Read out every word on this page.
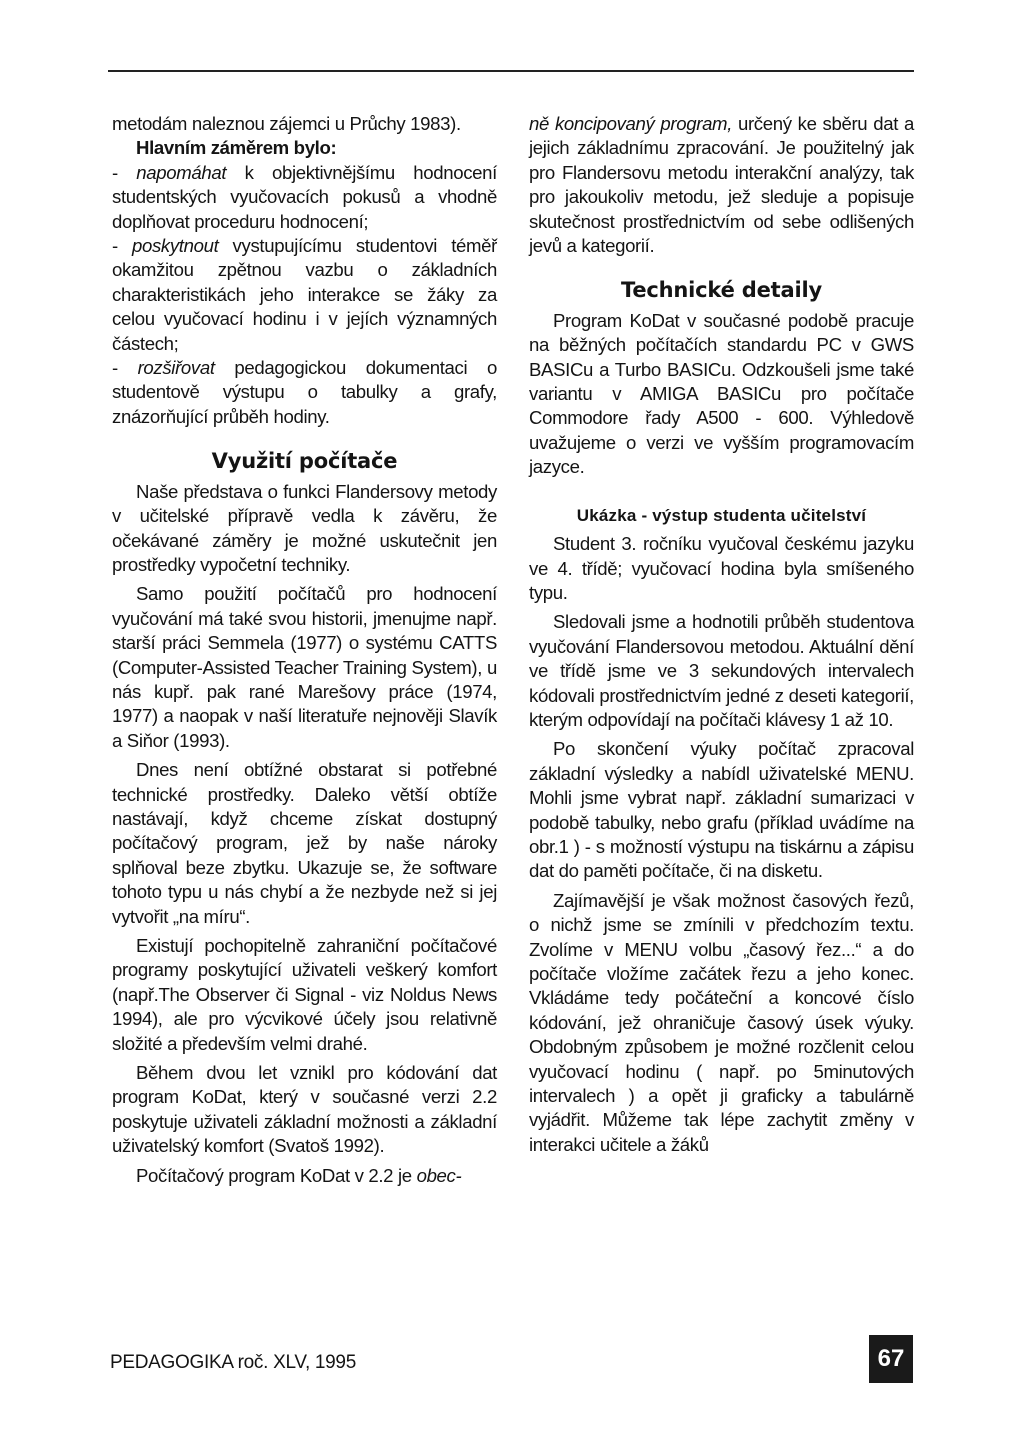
metodám naleznou zájemci u Průchy 1983).

Hlavním záměrem bylo:

- napomáhat k objektivnějšímu hodnocení studentských vyučovacích pokusů a vhodně doplňovat proceduru hodnocení;

- poskytnout vystupujícímu studentovi téměř okamžitou zpětnou vazbu o základních charakteristikách jeho interakce se žáky za celou vyučovací hodinu i v jejích významných částech;

- rozšiřovat pedagogickou dokumentaci o studentově výstupu o tabulky a grafy, znázorňující průběh hodiny.

Využití počítače

Naše představa o funkci Flandersovy metody v učitelské přípravě vedla k závěru, že očekávané záměry je možné uskutečnit jen prostředky vypočetní techniky.

Samo použití počítačů pro hodnocení vyučování má také svou historii, jmenujme např. starší práci Semmela (1977) o systému CATTS (Computer-Assisted Teacher Training System), u nás kupř. pak rané Marešovy práce (1974, 1977) a naopak v naší literatuře nejnověji Slavík a Siňor (1993).

Dnes není obtížné obstarat si potřebné technické prostředky. Daleko větší obtíže nastávají, když chceme získat dostupný počítačový program, jež by naše nároky splňoval beze zbytku. Ukazuje se, že software tohoto typu u nás chybí a že nezbyde než si jej vytvořit „na míru“.

Existují pochopitelně zahraniční počítačové programy poskytující uživateli veškerý komfort (např.The Observer či Signal - viz Noldus News 1994), ale pro výcvikové účely jsou relativně složité a především velmi drahé.

Během dvou let vznikl pro kódování dat program KoDat, který v současné verzi 2.2 poskytuje uživateli základní možnosti a základní uživatelský komfort (Svatoš 1992).

Počítačový program KoDat v 2.2 je obec-

ně koncipovaný program, určený ke sběru dat a jejich základnímu zpracování. Je použitelný jak pro Flandersovu metodu interakční analýzy, tak pro jakoukoliv metodu, jež sleduje a popisuje skutečnost prostřednictvím od sebe odlišených jevů a kategorií.

Technické detaily

Program KoDat v současné podobě pracuje na běžných počítačích standardu PC v GWS BASICu a Turbo BASICu. Odzkoušeli jsme také variantu v AMIGA BASICu pro počítače Commodore řady A500 - 600. Výhledově uvažujeme o verzi ve vyšším programovacím jazyce.

Ukázka - výstup studenta učitelství

Student 3. ročníku vyučoval českému jazyku ve 4. třídě; vyučovací hodina byla smíšeného typu.

Sledovali jsme a hodnotili průběh studentova vyučování Flandersovou metodou. Aktuální dění ve třídě jsme ve 3 sekundových intervalech kódovali prostřednictvím jedné z deseti kategorií, kterým odpovídají na počítači klávesy 1 až 10.

Po skončení výuky počítač zpracoval základní výsledky a nabídl uživatelské MENU. Mohli jsme vybrat např. základní sumarizaci v podobě tabulky, nebo grafu (příklad uvádíme na obr.1 ) - s možností výstupu na tiskárnu a zápisu dat do paměti počítače, či na disketu.

Zajímavější je však možnost časových řezů, o nichž jsme se zmínili v předchozím textu. Zvolíme v MENU volbu „časový řez...“ a do počítače vložíme začátek řezu a jeho konec. Vkládáme tedy počáteční a koncové číslo kódování, jež ohraničuje časový úsek výuky. Obdobným způsobem je možné rozčlenit celou vyučovací hodinu ( např. po 5minutových intervalech ) a opět ji graficky a tabulárně vyjádřit. Můžeme tak lépe zachytit změny v interakci učitele a žáků

PEDAGOGIKA roč. XLV, 1995	67
